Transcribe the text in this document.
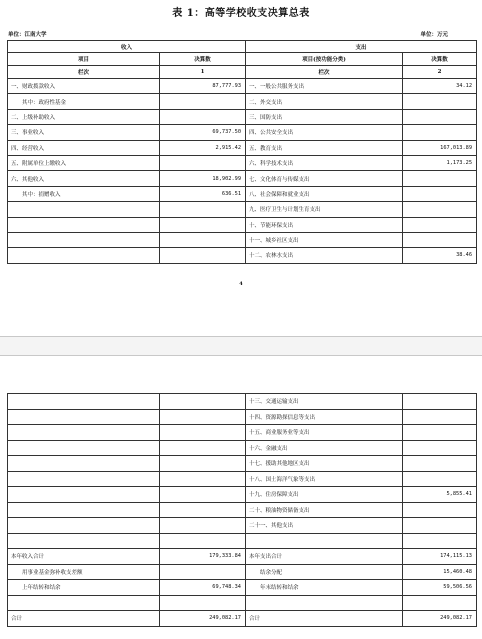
表 1：高等学校收支决算总表
单位：江南大学	单位：万元
收入		支出	
项目	决算数	项目(按功能分类)	决算数
栏次	1	栏次	2
一、财政拨款收入	87,777.93	一、一般公共服务支出	34.12
其中：政府性基金		二、外交支出	
二、上级补助收入		三、国防支出	
三、事业收入	69,737.50	四、公共安全支出	
四、经营收入	2,915.42	五、教育支出	167,013.89
五、附属单位上缴收入		六、科学技术支出	1,173.25
六、其他收入	18,902.99	七、文化体育与传媒支出	
其中：捐赠收入	636.51	八、社会保障和就业支出	
		九、医疗卫生与计划生育支出	
		十、节能环保支出	
		十一、城乡社区支出	
		十二、农林水支出	38.46
4
		十三、交通运输支出	
		十四、资源勘探信息等支出	
		十五、商业服务业等支出	
		十六、金融支出	
		十七、援助其他地区支出	
		十八、国土海洋气象等支出	
		十九、住房保障支出	5,855.41
		二十、粮油物资储备支出	
		二十一、其他支出	

本年收入合计	179,333.84	本年支出合计	174,115.13
用事业基金弥补收支差额		结余分配	15,460.48
上年结转和结余	69,748.34	年末结转和结余	59,506.56

合计	249,082.17	合计	249,082.17
